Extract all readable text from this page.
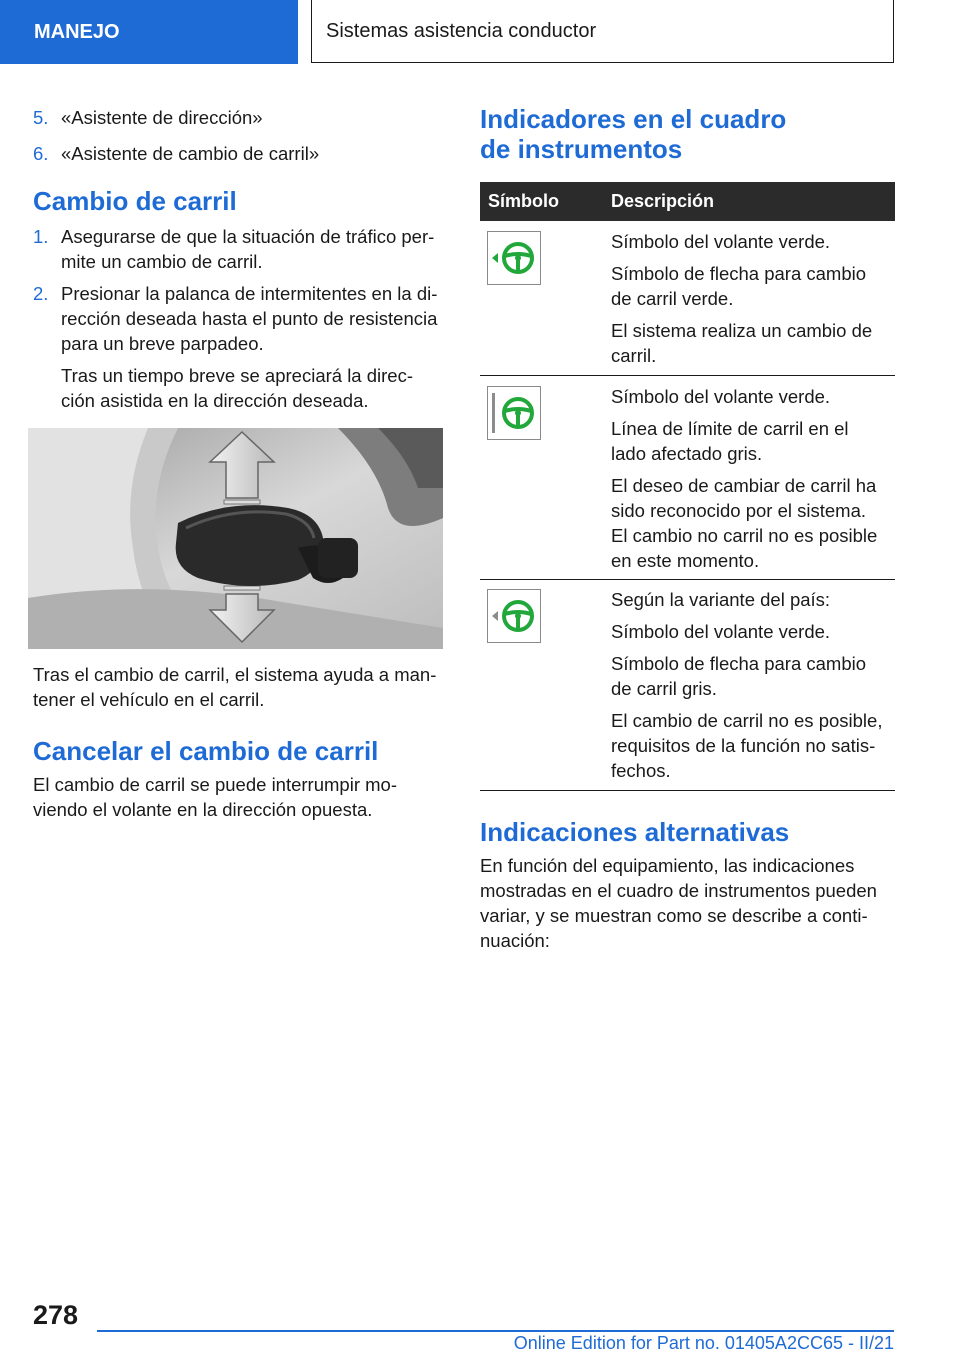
MANEJO	Sistemas asistencia conductor
5. «Asistente de dirección»
6. «Asistente de cambio de carril»
Cambio de carril
1. Asegurarse de que la situación de tráfico per-
mite un cambio de carril.
2. Presionar la palanca de intermitentes en la di-
rección deseada hasta el punto de resistencia
para un breve parpadeo.
Tras un tiempo breve se apreciará la direc-
ción asistida en la dirección deseada.
Tras el cambio de carril, el sistema ayuda a man-
tener el vehículo en el carril.
Cancelar el cambio de carril
El cambio de carril se puede interrumpir mo-
viendo el volante en la dirección opuesta.
Indicadores en el cuadro
de instrumentos
Símbolo	Descripción

Símbolo del volante verde.

Símbolo de flecha para cambio
de carril verde.

El sistema realiza un cambio de
carril.

Símbolo del volante verde.

Línea de límite de carril en el
lado afectado gris.

El deseo de cambiar de carril ha
sido reconocido por el sistema.
El cambio no carril no es posible
en este momento.

Según la variante del país:

Símbolo del volante verde.

Símbolo de flecha para cambio
de carril gris.

El cambio de carril no es posible,
requisitos de la función no satis-
fechos.

Indicaciones alternativas
En función del equipamiento, las indicaciones
mostradas en el cuadro de instrumentos pueden
variar, y se muestran como se describe a conti-
nuación:
278
Online Edition for Part no. 01405A2CC65 - II/21
